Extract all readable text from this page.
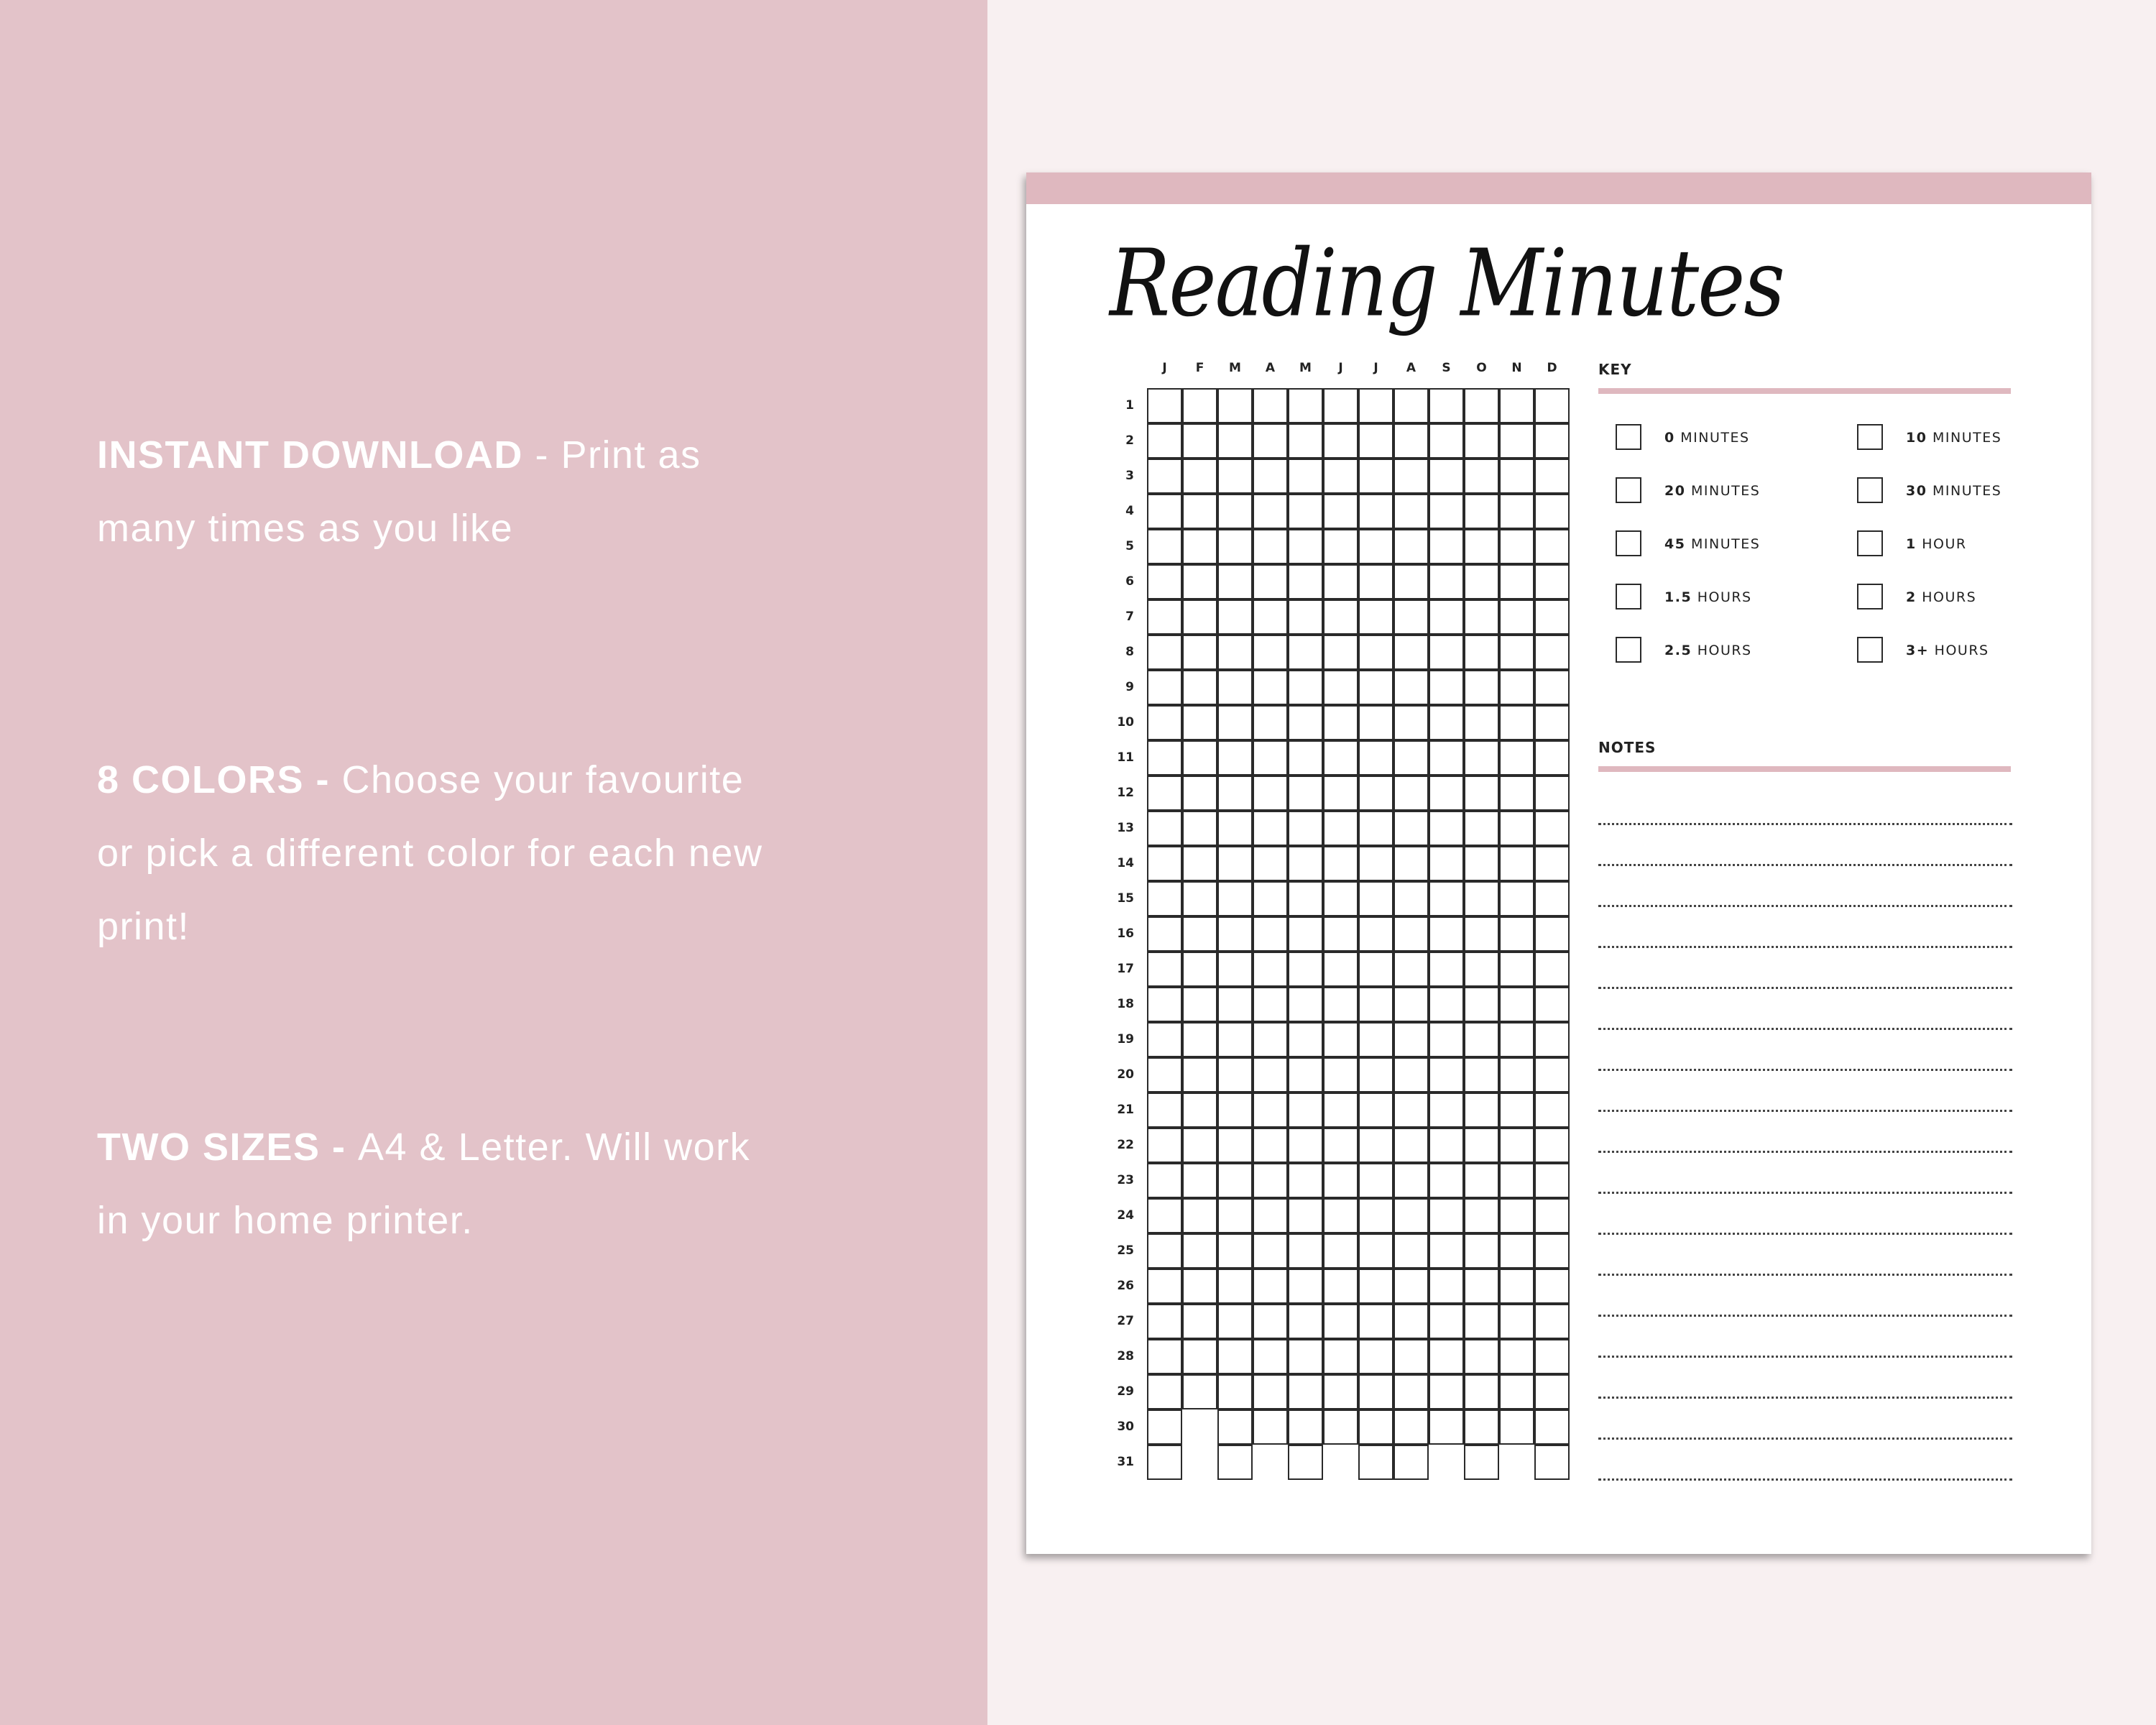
INSTANT DOWNLOAD - Print as
many times as you like
8 COLORS - Choose your favourite
or pick a different color for each new
print!
TWO SIZES - A4 & Letter. Will work
in your home printer.
Reading Minutes
J	F	M	A	M	J	J	A	S	O	N	D
1
2
3
4
5
6
7
8
9
10
11
12
13
14
15
16
17
18
19
20
21
22
23
24
25
26
27
28
29
30
31
KEY
0 MINUTES	10 MINUTES
20 MINUTES	30 MINUTES
45 MINUTES	1 HOUR
1.5 HOURS	2 HOURS
2.5 HOURS	3+ HOURS
NOTES
